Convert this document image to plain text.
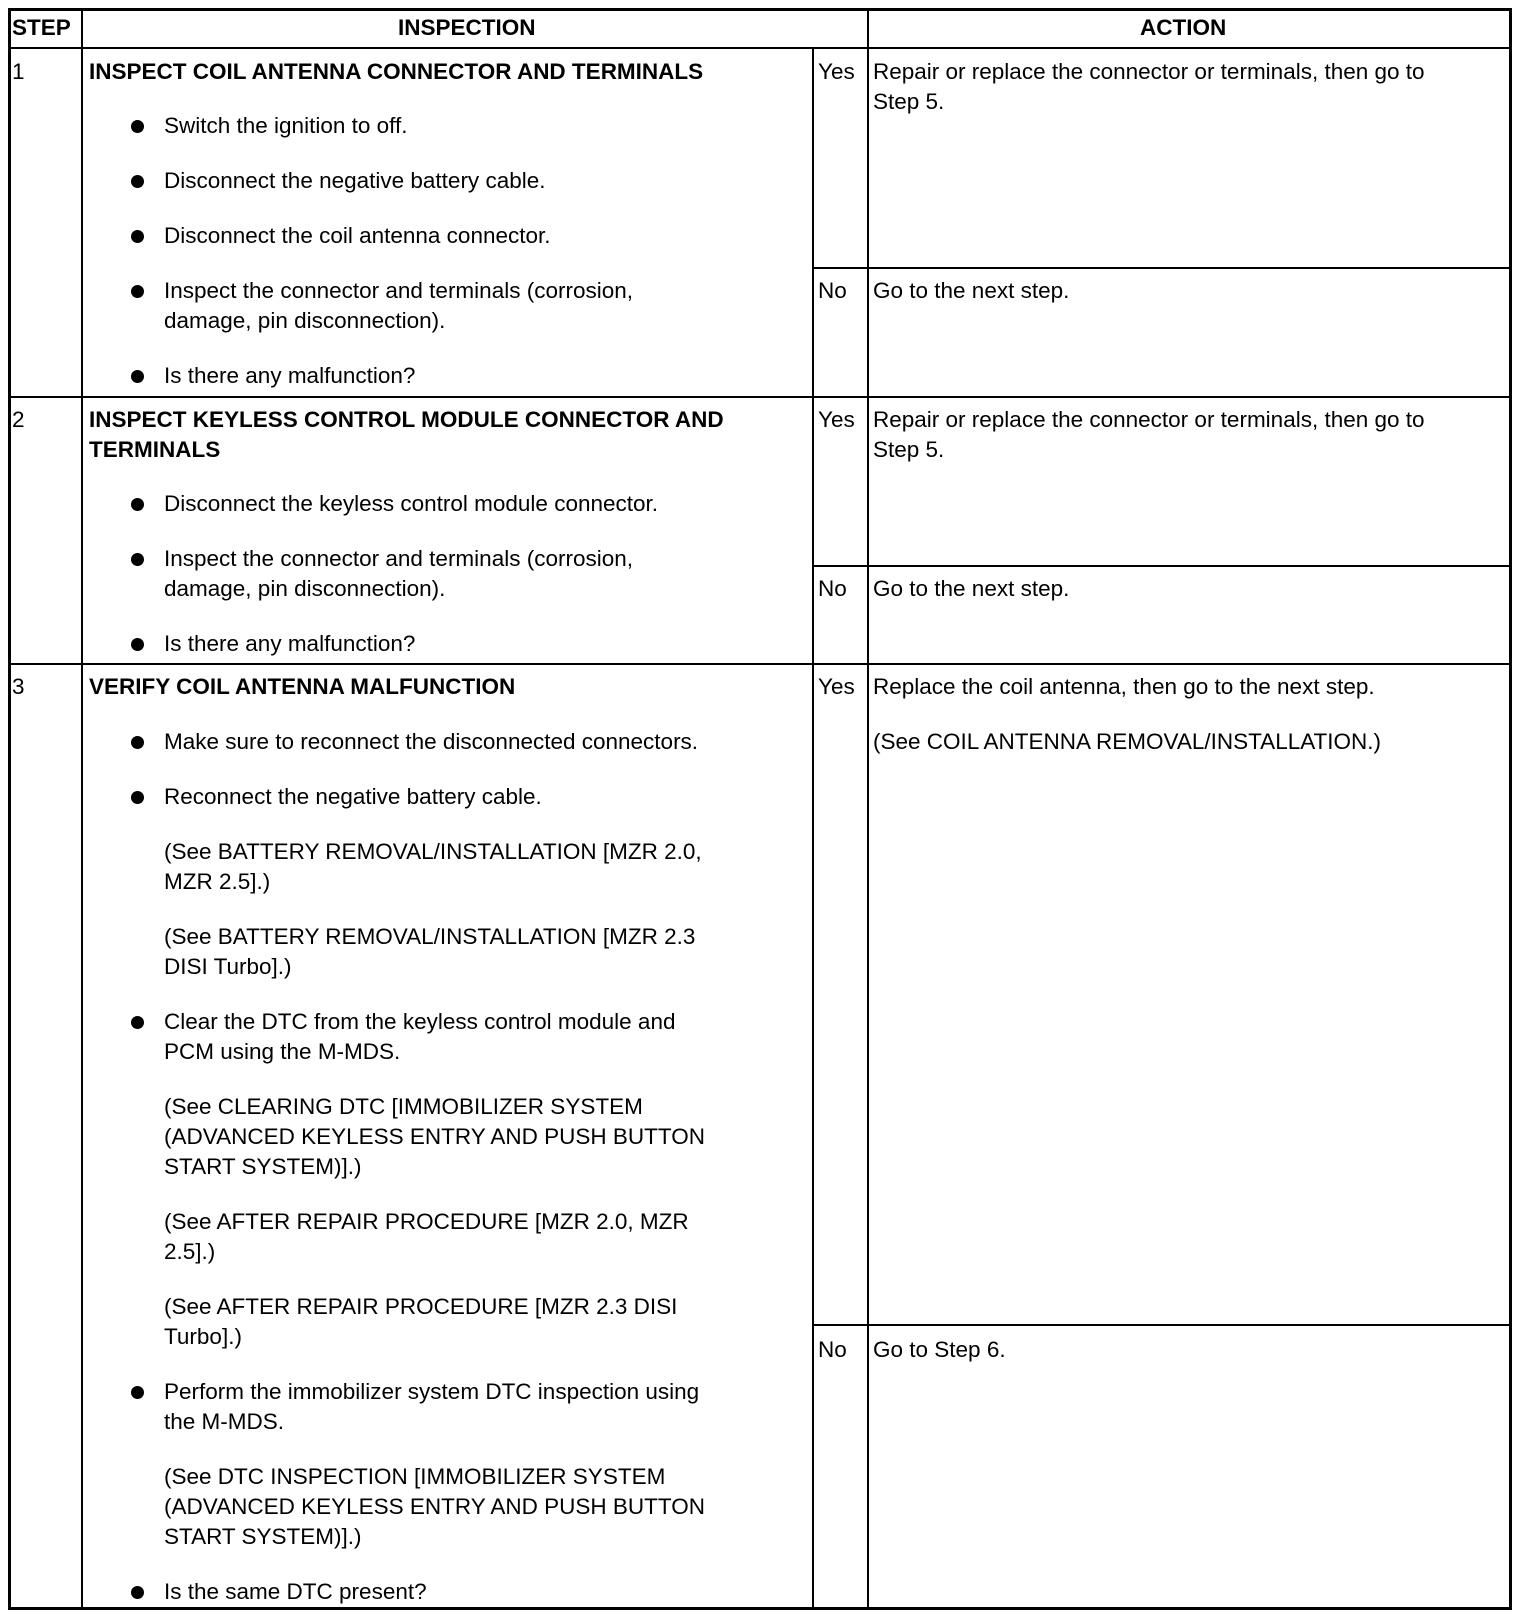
STEP	INSPECTION	ACTION
1	INSPECT COIL ANTENNA CONNECTOR AND TERMINALS
Switch the ignition to off.
Disconnect the negative battery cable.
Disconnect the coil antenna connector.
Inspect the connector and terminals (corrosion,
damage, pin disconnection).
Is there any malfunction?
Yes Repair or replace the connector or terminals, then go to
Step 5.
No Go to the next step.
2	INSPECT KEYLESS CONTROL MODULE CONNECTOR AND
TERMINALS
Disconnect the keyless control module connector.
Inspect the connector and terminals (corrosion,
damage, pin disconnection).
Is there any malfunction?
Yes Repair or replace the connector or terminals, then go to
Step 5.
No Go to the next step.
3	VERIFY COIL ANTENNA MALFUNCTION
Make sure to reconnect the disconnected connectors.
Reconnect the negative battery cable.
(See BATTERY REMOVAL/INSTALLATION [MZR 2.0,
MZR 2.5].)
(See BATTERY REMOVAL/INSTALLATION [MZR 2.3
DISI Turbo].)
Clear the DTC from the keyless control module and
PCM using the M-MDS.
(See CLEARING DTC [IMMOBILIZER SYSTEM
(ADVANCED KEYLESS ENTRY AND PUSH BUTTON
START SYSTEM)].)
(See AFTER REPAIR PROCEDURE [MZR 2.0, MZR
2.5].)
(See AFTER REPAIR PROCEDURE [MZR 2.3 DISI
Turbo].)
Perform the immobilizer system DTC inspection using
the M-MDS.
(See DTC INSPECTION [IMMOBILIZER SYSTEM
(ADVANCED KEYLESS ENTRY AND PUSH BUTTON
START SYSTEM)].)
Is the same DTC present?
Yes Replace the coil antenna, then go to the next step.
(See COIL ANTENNA REMOVAL/INSTALLATION.)
No Go to Step 6.
